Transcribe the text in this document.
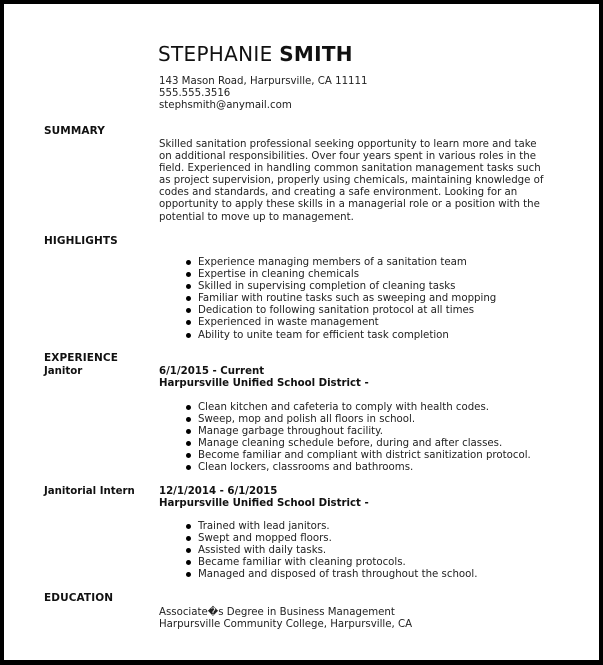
STEPHANIE SMITH
143 Mason Road, Harpursville, CA 11111
555.555.3516
stephsmith@anymail.com
SUMMARY
Skilled sanitation professional seeking opportunity to learn more and take
on additional responsibilities. Over four years spent in various roles in the
field. Experienced in handling common sanitation management tasks such
as project supervision, properly using chemicals, maintaining knowledge of
codes and standards, and creating a safe environment. Looking for an
opportunity to apply these skills in a managerial role or a position with the
potential to move up to management.
HIGHLIGHTS
Experience managing members of a sanitation team
Expertise in cleaning chemicals
Skilled in supervising completion of cleaning tasks
Familiar with routine tasks such as sweeping and mopping
Dedication to following sanitation protocol at all times
Experienced in waste management
Ability to unite team for efficient task completion
EXPERIENCE
Janitor	6/1/2015 - Current
Harpursville Unified School District -
Clean kitchen and cafeteria to comply with health codes.
Sweep, mop and polish all floors in school.
Manage garbage throughout facility.
Manage cleaning schedule before, during and after classes.
Become familiar and compliant with district sanitization protocol.
Clean lockers, classrooms and bathrooms.
Janitorial Intern 12/1/2014 - 6/1/2015
Harpursville Unified School District -
Trained with lead janitors.
Swept and mopped floors.
Assisted with daily tasks.
Became familiar with cleaning protocols.
Managed and disposed of trash throughout the school.
EDUCATION
Associate�s Degree in Business Management
Harpursville Community College, Harpursville, CA
